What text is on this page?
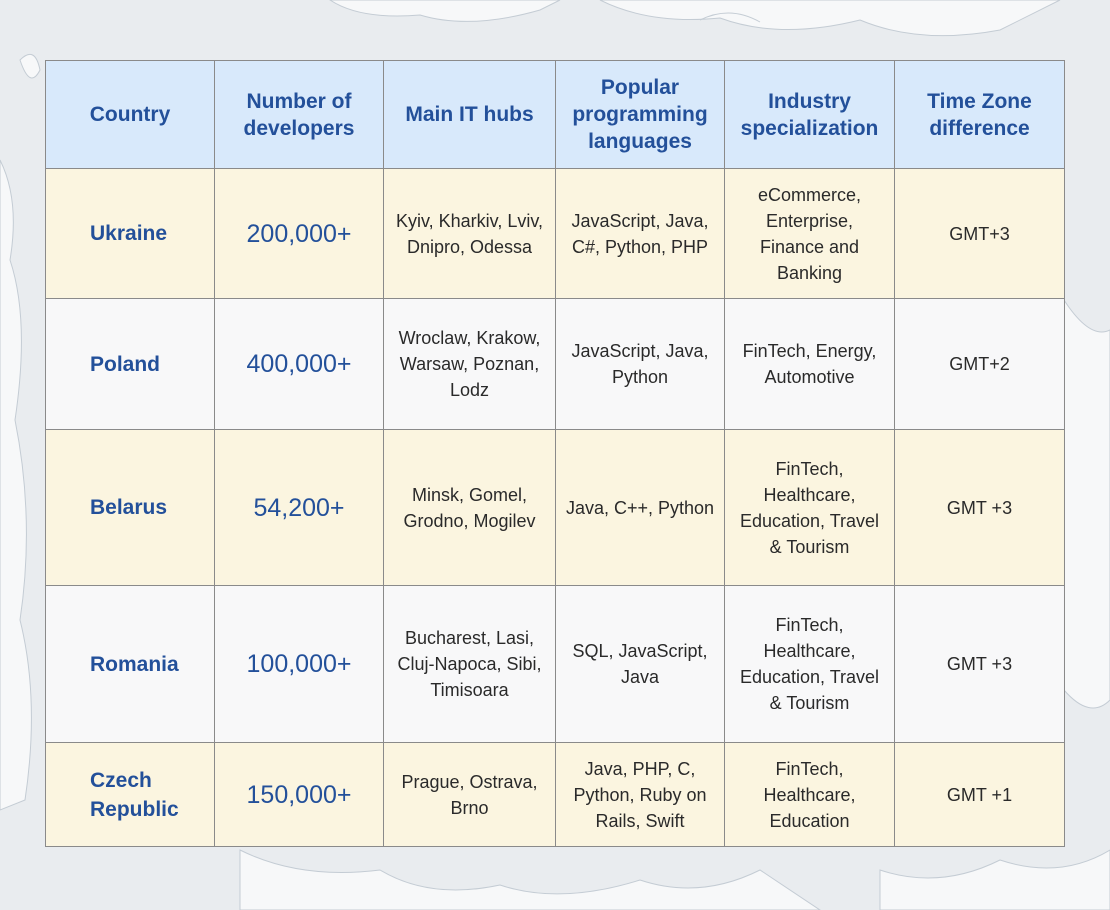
Country	Number of developers	Main IT hubs	Popular programming languages	Industry specialization	Time Zone difference
Ukraine	200,000+	Kyiv, Kharkiv, Lviv, Dnipro, Odessa	JavaScript, Java, C#, Python, PHP	eCommerce, Enterprise, Finance and Banking	GMT+3
Poland	400,000+	Wroclaw, Krakow, Warsaw, Poznan, Lodz	JavaScript, Java, Python	FinTech, Energy, Automotive	GMT+2
Belarus	54,200+	Minsk, Gomel, Grodno, Mogilev	Java, C++, Python	FinTech, Healthcare, Education, Travel & Tourism	GMT +3
Romania	100,000+	Bucharest, Lasi, Cluj-Napoca, Sibi, Timisoara	SQL, JavaScript, Java	FinTech, Healthcare, Education, Travel & Tourism	GMT +3
Czech Republic	150,000+	Prague, Ostrava, Brno	Java, PHP, C, Python, Ruby on Rails, Swift	FinTech, Healthcare, Education	GMT +1
